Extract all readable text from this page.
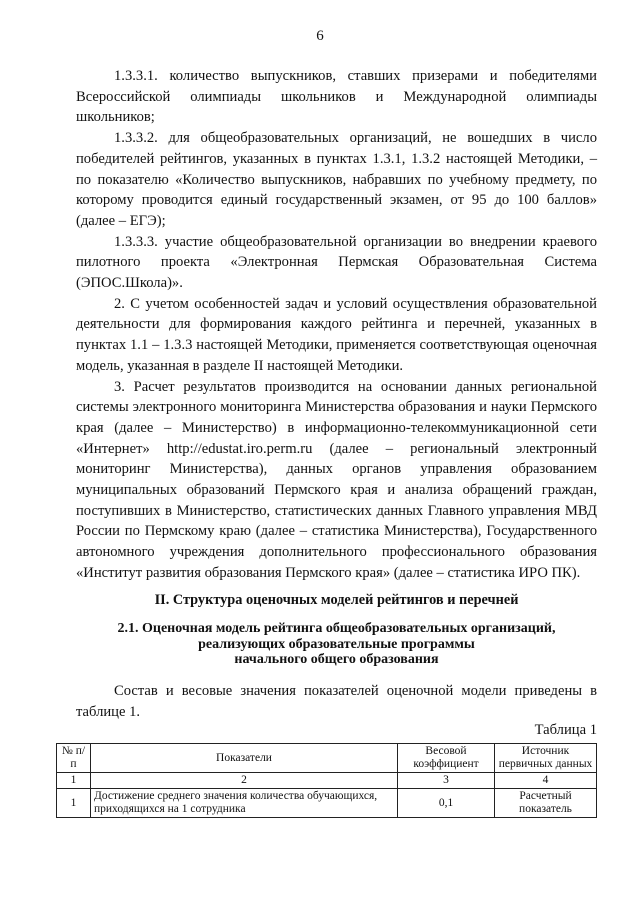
6

1.3.3.1. количество выпускников, ставших призерами и победителями Всероссийской олимпиады школьников и Международной олимпиады школьников;

1.3.3.2. для общеобразовательных организаций, не вошедших в число победителей рейтингов, указанных в пунктах 1.3.1, 1.3.2 настоящей Методики, – по показателю «Количество выпускников, набравших по учебному предмету, по которому проводится единый государственный экзамен, от 95 до 100 баллов» (далее – ЕГЭ);

1.3.3.3. участие общеобразовательной организации во внедрении краевого пилотного проекта «Электронная Пермская Образовательная Система (ЭПОС.Школа)».

2. С учетом особенностей задач и условий осуществления образовательной деятельности для формирования каждого рейтинга и перечней, указанных в пунктах 1.1 – 1.3.3 настоящей Методики, применяется соответствующая оценочная модель, указанная в разделе II настоящей Методики.

3. Расчет результатов производится на основании данных региональной системы электронного мониторинга Министерства образования и науки Пермского края (далее – Министерство) в информационно-телекоммуникационной сети «Интернет» http://edustat.iro.perm.ru (далее – региональный электронный мониторинг Министерства), данных органов управления образованием муниципальных образований Пермского края и анализа обращений граждан, поступивших в Министерство, статистических данных Главного управления МВД России по Пермскому краю (далее – статистика Министерства), Государственного автономного учреждения дополнительного профессионального образования «Институт развития образования Пермского края» (далее – статистика ИРО ПК).

II. Структура оценочных моделей рейтингов и перечней
2.1. Оценочная модель рейтинга общеобразовательных организаций,
реализующих образовательные программы
начального общего образования

Состав и весовые значения показателей оценочной модели приведены в таблице 1.

Таблица 1
№ п/п	Показатели	Весовой коэффициент	Источник первичных данных
1	2	3	4
1	Достижение среднего значения количества обучающихся, приходящихся на 1 сотрудника	0,1	Расчетный показатель
